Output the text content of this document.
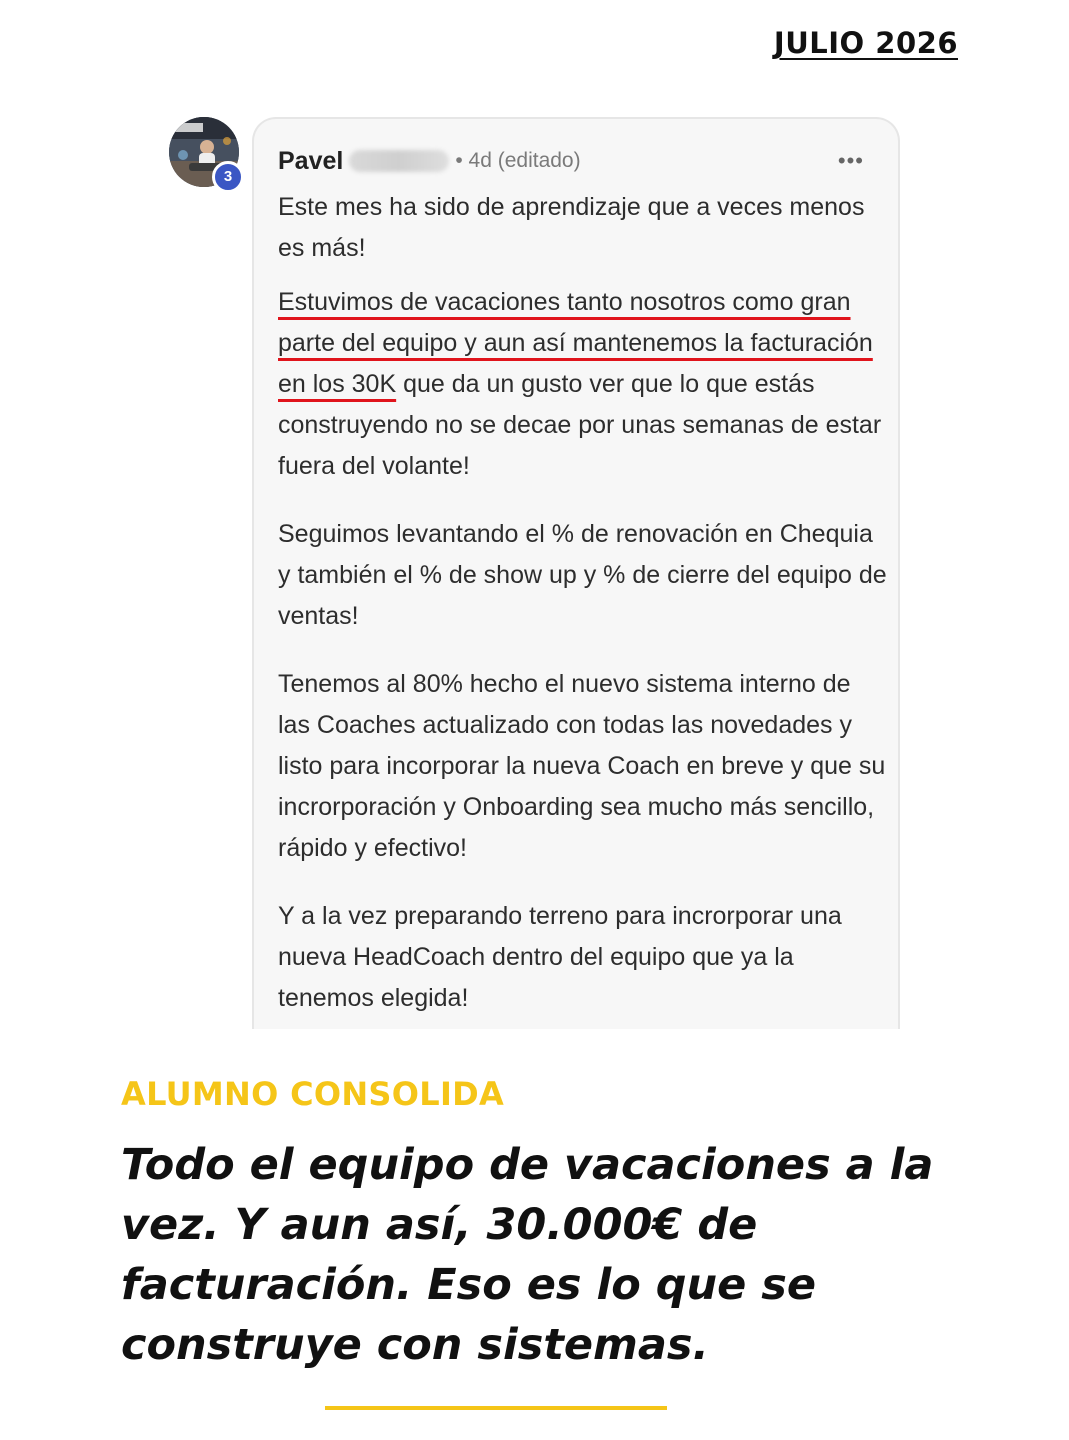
JULIO 2026
3
Pavel	• 4d (editado)	•••

Este mes ha sido de aprendizaje que a veces menos es más!

Estuvimos de vacaciones tanto nosotros como gran parte del equipo y aun así mantenemos la facturación en los 30K que da un gusto ver que lo que estás construyendo no se decae por unas semanas de estar fuera del volante!

Seguimos levantando el % de renovación en Chequia y también el % de show up y % de cierre del equipo de ventas!

Tenemos al 80% hecho el nuevo sistema interno de las Coaches actualizado con todas las novedades y listo para incorporar la nueva Coach en breve y que su incrorporación y Onboarding sea mucho más sencillo, rápido y efectivo!

Y a la vez preparando terreno para incrorporar una nueva HeadCoach dentro del equipo que ya la tenemos elegida!

ALUMNO CONSOLIDA
Todo el equipo de vacaciones a la vez. Y aun así, 30.000€ de facturación. Eso es lo que se construye con sistemas.
